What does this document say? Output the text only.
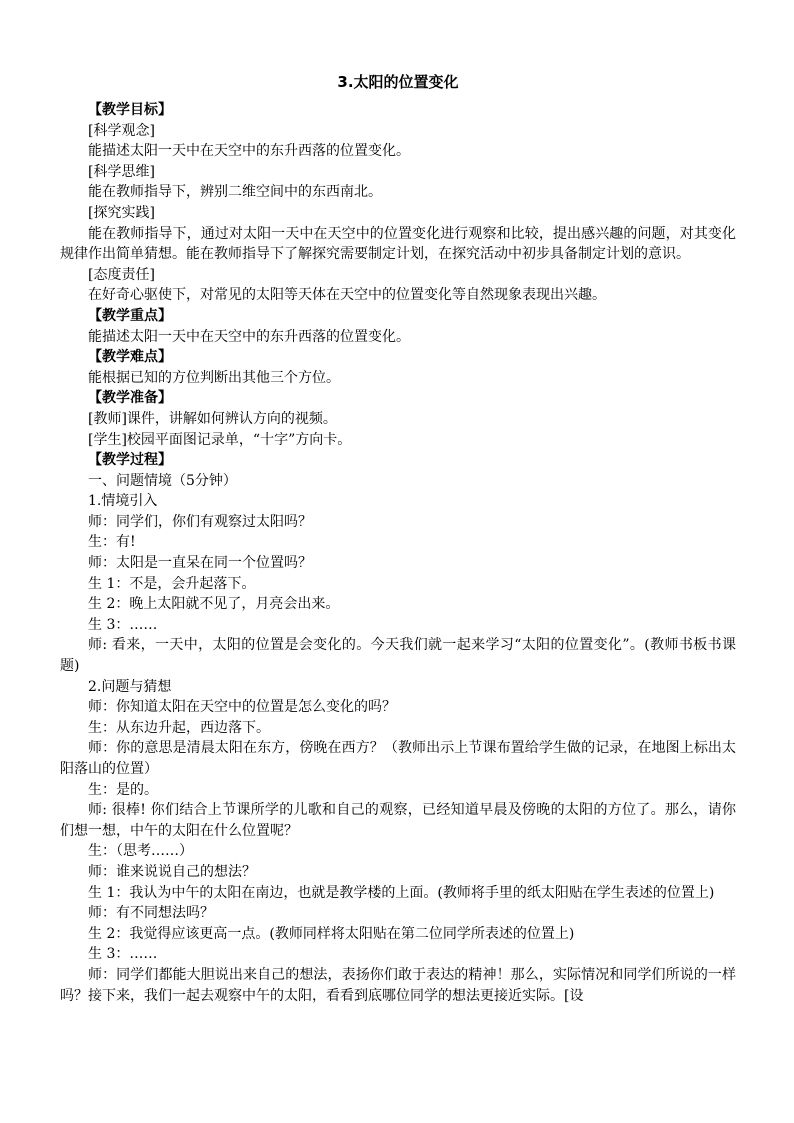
3.太阳的位置变化

【教学目标】

[科学观念]

能描述太阳一天中在天空中的东升西落的位置变化。

[科学思维]

能在教师指导下，辨别二维空间中的东西南北。

[探究实践]

能在教师指导下，通过对太阳一天中在天空中的位置变化进行观察和比较，提出感兴趣的问题，对其变化规律作出简单猜想。能在教师指导下了解探究需要制定计划，在探究活动中初步具备制定计划的意识。

[态度责任]

在好奇心驱使下，对常见的太阳等天体在天空中的位置变化等自然现象表现出兴趣。

【教学重点】

能描述太阳一天中在天空中的东升西落的位置变化。

【教学难点】

能根据已知的方位判断出其他三个方位。

【教学准备】

[教师]课件，讲解如何辨认方向的视频。

[学生]校园平面图记录单，“十字”方向卡。

【教学过程】

一、问题情境（5分钟）

1.情境引入

师：同学们，你们有观察过太阳吗？

生：有!

师：太阳是一直呆在同一个位置吗？

生 1：不是，会升起落下。

生 2：晚上太阳就不见了，月亮会出来。

生 3：……

师: 看来，一天中，太阳的位置是会变化的。今天我们就一起来学习“太阳的位置变化”。(教师书板书课题)

2.问题与猜想

师：你知道太阳在天空中的位置是怎么变化的吗？

生：从东边升起，西边落下。

师：你的意思是清晨太阳在东方，傍晚在西方？（教师出示上节课布置给学生做的记录，在地图上标出太阳落山的位置）

生：是的。

师: 很棒! 你们结合上节课所学的儿歌和自己的观察，已经知道早晨及傍晚的太阳的方位了。那么，请你们想一想，中午的太阳在什么位置呢？

生：（思考……）

师：谁来说说自己的想法？

生 1：我认为中午的太阳在南边，也就是教学楼的上面。(教师将手里的纸太阳贴在学生表述的位置上)

师：有不同想法吗？

生 2：我觉得应该更高一点。(教师同样将太阳贴在第二位同学所表述的位置上)

生 3：……

师：同学们都能大胆说出来自己的想法，表扬你们敢于表达的精神！那么，实际情况和同学们所说的一样吗？接下来，我们一起去观察中午的太阳，看看到底哪位同学的想法更接近实际。[设
